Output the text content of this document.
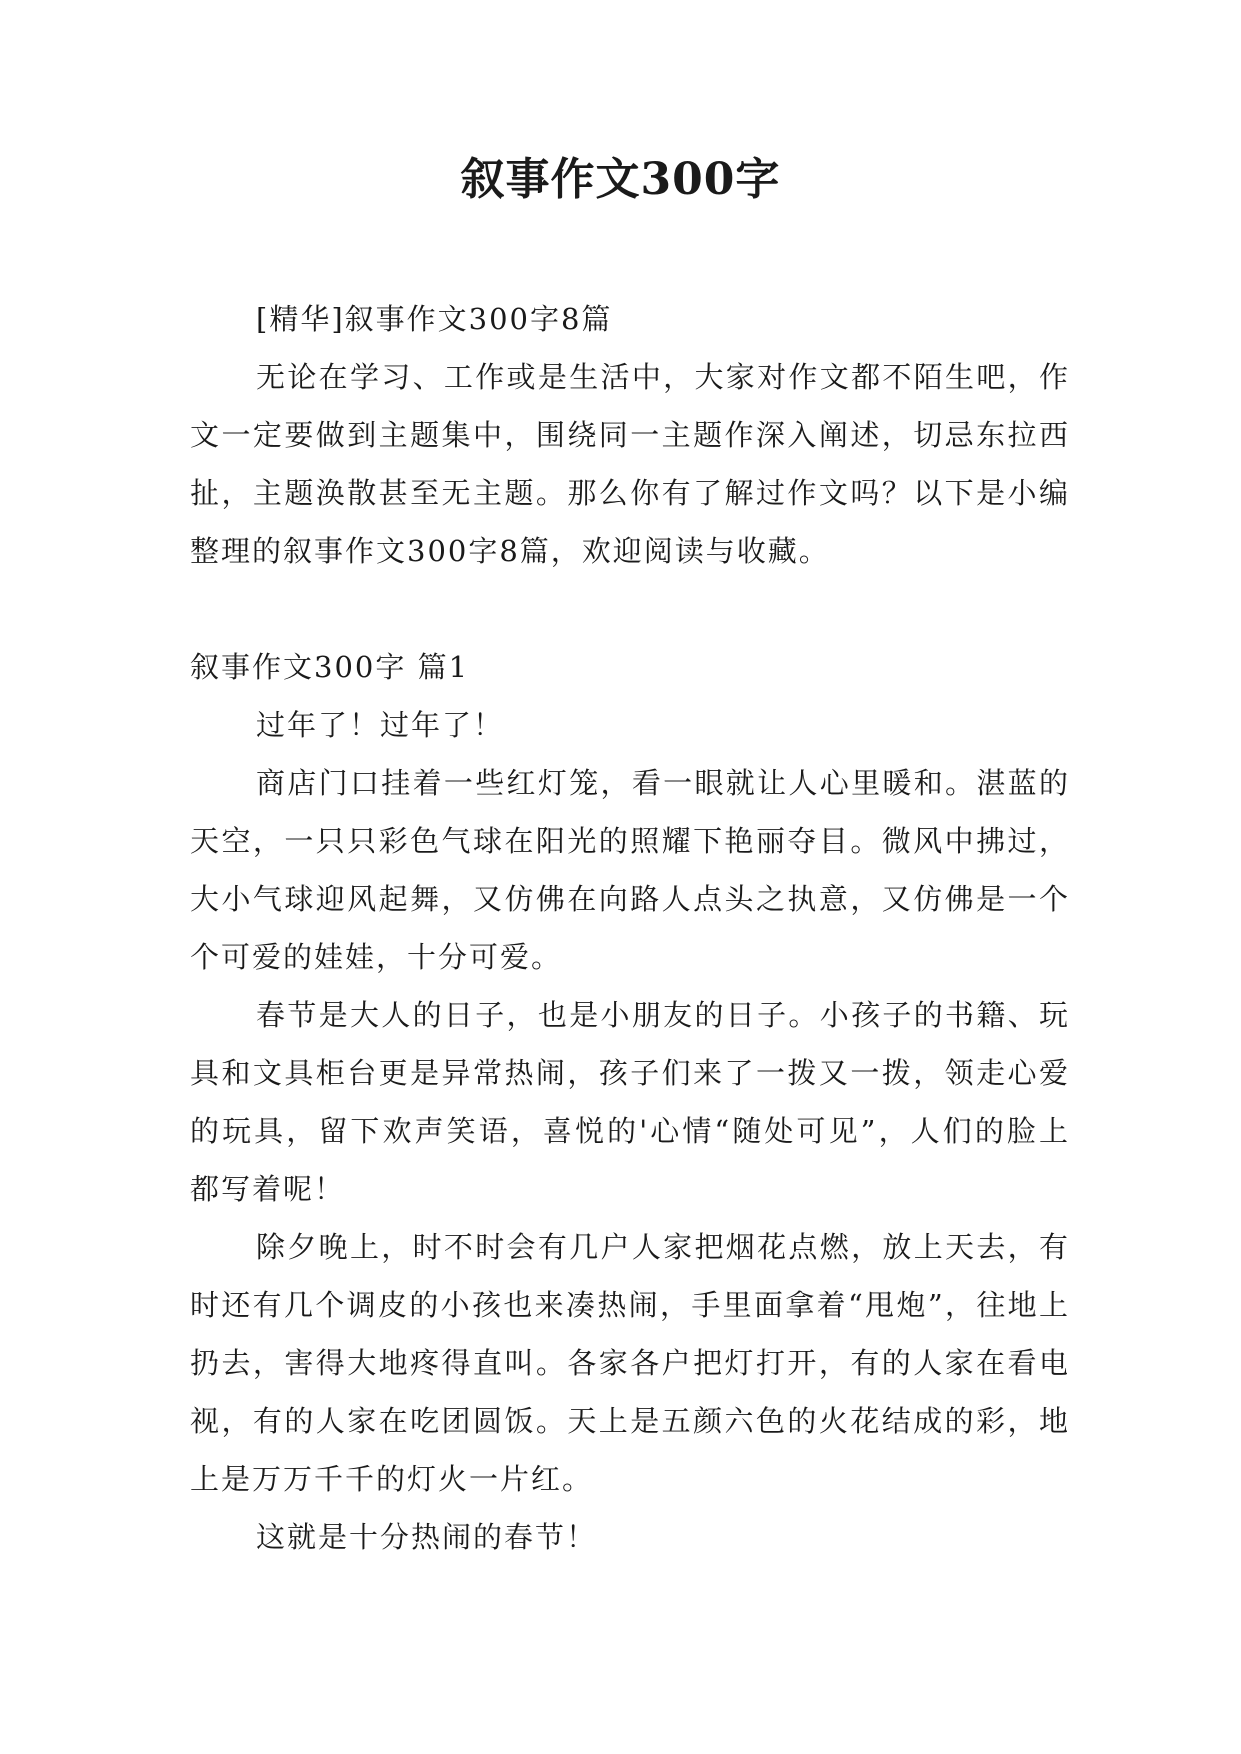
叙事作文300字

[精华]叙事作文300字8篇

无论在学习、工作或是生活中，大家对作文都不陌生吧，作文一定要做到主题集中，围绕同一主题作深入阐述，切忌东拉西扯，主题涣散甚至无主题。那么你有了解过作文吗？以下是小编整理的叙事作文300字8篇，欢迎阅读与收藏。

叙事作文300字 篇1

过年了！过年了！

商店门口挂着一些红灯笼，看一眼就让人心里暖和。湛蓝的天空，一只只彩色气球在阳光的照耀下艳丽夺目。微风中拂过，大小气球迎风起舞，又仿佛在向路人点头之执意，又仿佛是一个个可爱的娃娃，十分可爱。

春节是大人的日子，也是小朋友的日子。小孩子的书籍、玩具和文具柜台更是异常热闹，孩子们来了一拨又一拨，领走心爱的玩具，留下欢声笑语，喜悦的'心情“随处可见”，人们的脸上都写着呢！

除夕晚上，时不时会有几户人家把烟花点燃，放上天去，有时还有几个调皮的小孩也来凑热闹，手里面拿着“甩炮”，往地上扔去，害得大地疼得直叫。各家各户把灯打开，有的人家在看电视，有的人家在吃团圆饭。天上是五颜六色的火花结成的彩，地上是万万千千的灯火一片红。

这就是十分热闹的春节！
